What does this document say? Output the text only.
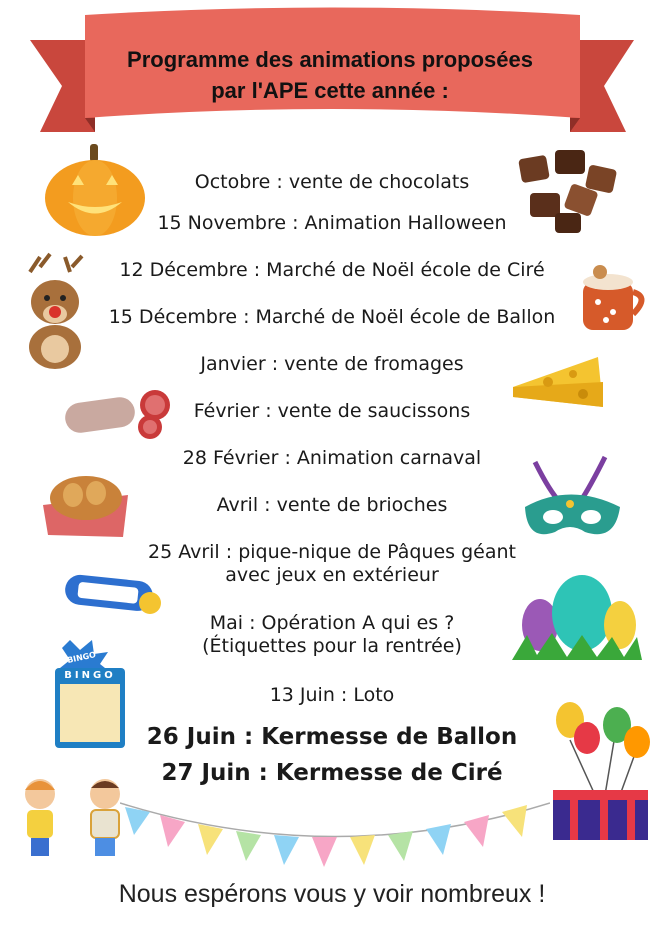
Programme des animations proposées
par l'APE cette année :
Octobre : vente de chocolats
15 Novembre : Animation Halloween
12 Décembre : Marché de Noël école de Ciré
15 Décembre : Marché de Noël école de Ballon
Janvier : vente de fromages
Février : vente de saucissons
28 Février : Animation carnaval
Avril : vente de brioches
25 Avril : pique-nique de Pâques géant
avec jeux en extérieur
Mai : Opération A qui es ?
(Étiquettes pour la rentrée)
13 Juin : Loto
26 Juin : Kermesse de Ballon
27 Juin : Kermesse de Ciré
BINGO
BINGO
Nous espérons vous y voir nombreux !
